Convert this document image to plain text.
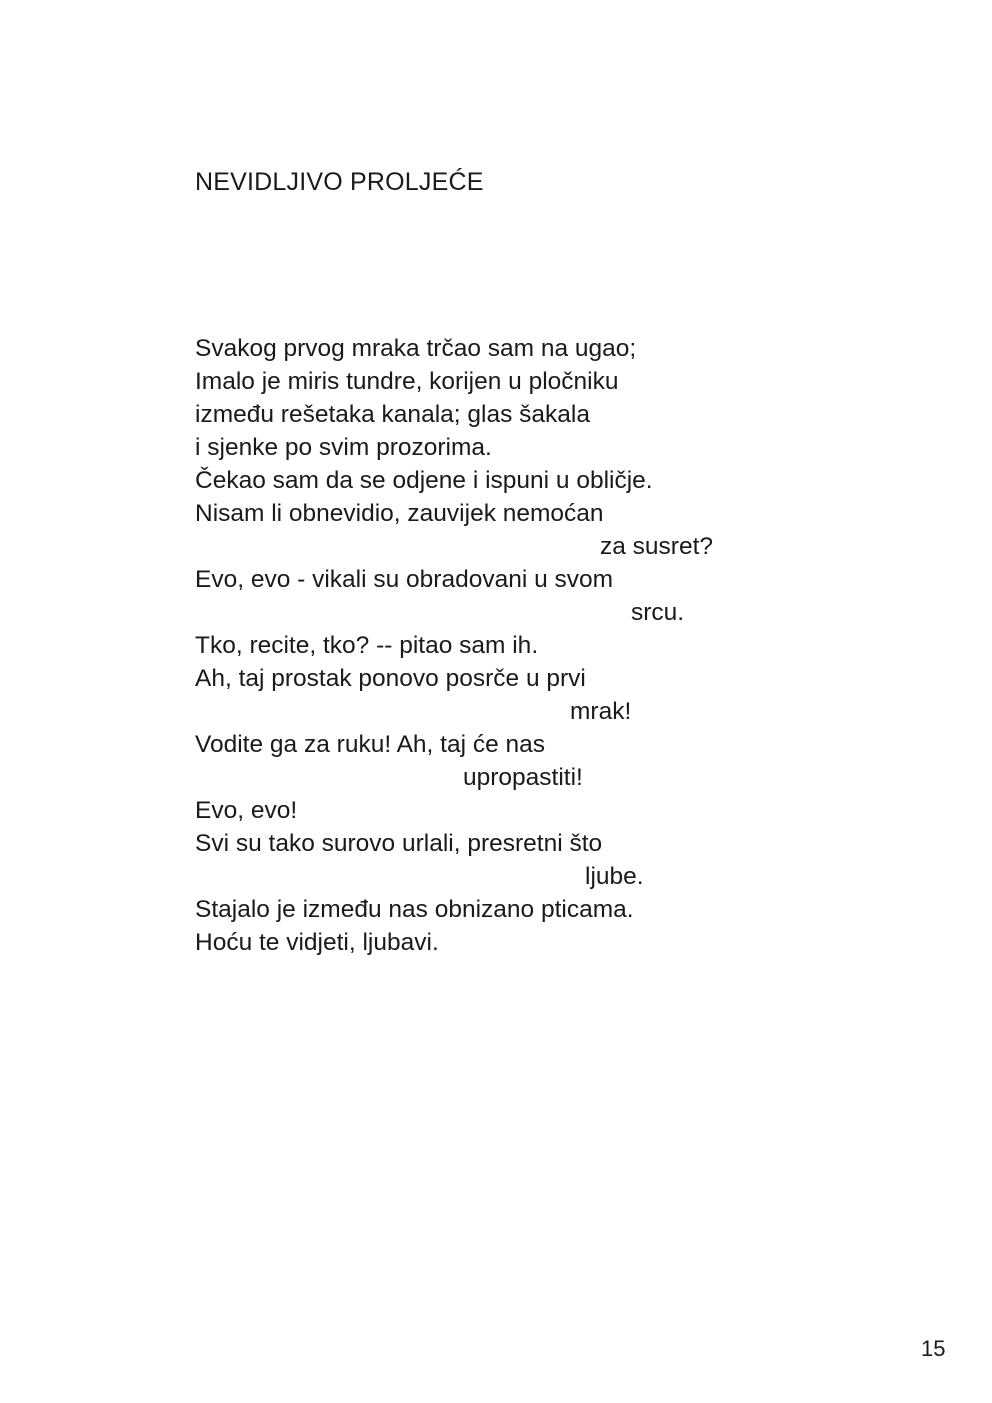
NEVIDLJIVO PROLJEĆE
Svakog prvog mraka trčao sam na ugao;
Imalo je miris tundre, korijen u pločniku
između rešetaka kanala; glas šakala
i sjenke po svim prozorima.
Čekao sam da se odjene i ispuni u obličje.
Nisam li obnevidio, zauvijek nemoćan
za susret?
Evo, evo - vikali su obradovani u svom
srcu.
Tko, recite, tko? -- pitao sam ih.
Ah, taj prostak ponovo posrče u prvi
mrak!
Vodite ga za ruku! Ah, taj će nas
upropastiti!
Evo, evo!
Svi su tako surovo urlali, presretni što
ljube.
Stajalo je između nas obnizano pticama.
Hoću te vidjeti, ljubavi.
15
